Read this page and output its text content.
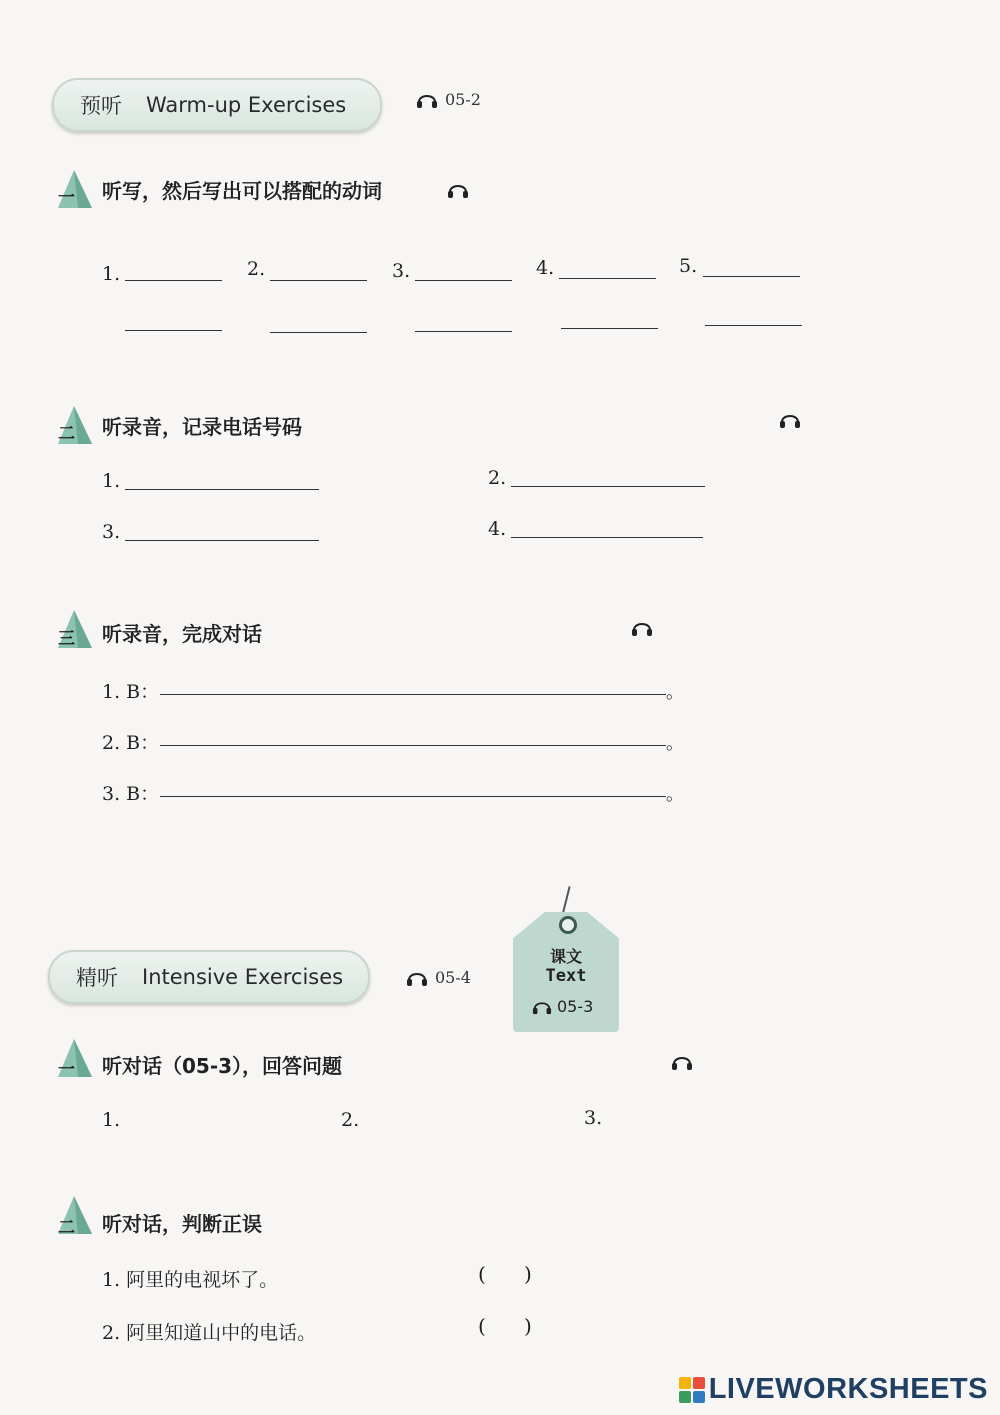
预听 Warm-up Exercises	05-2
一 听写，然后写出可以搭配的动词
1.	2.	3.	4.	5.
二 听录音，记录电话号码
1.	2.
3.	4.
三 听录音，完成对话
1. B：	。
2. B：	。
3. B：	。
精听 Intensive Exercises	05-4
课文
Text
05-3
一 听对话（05-3），回答问题
1.	2.	3.
二 听对话，判断正误
1. 阿里的电视坏了。	(      )
2. 阿里知道山中的电话。	(      )
LIVEWORKSHEETS
